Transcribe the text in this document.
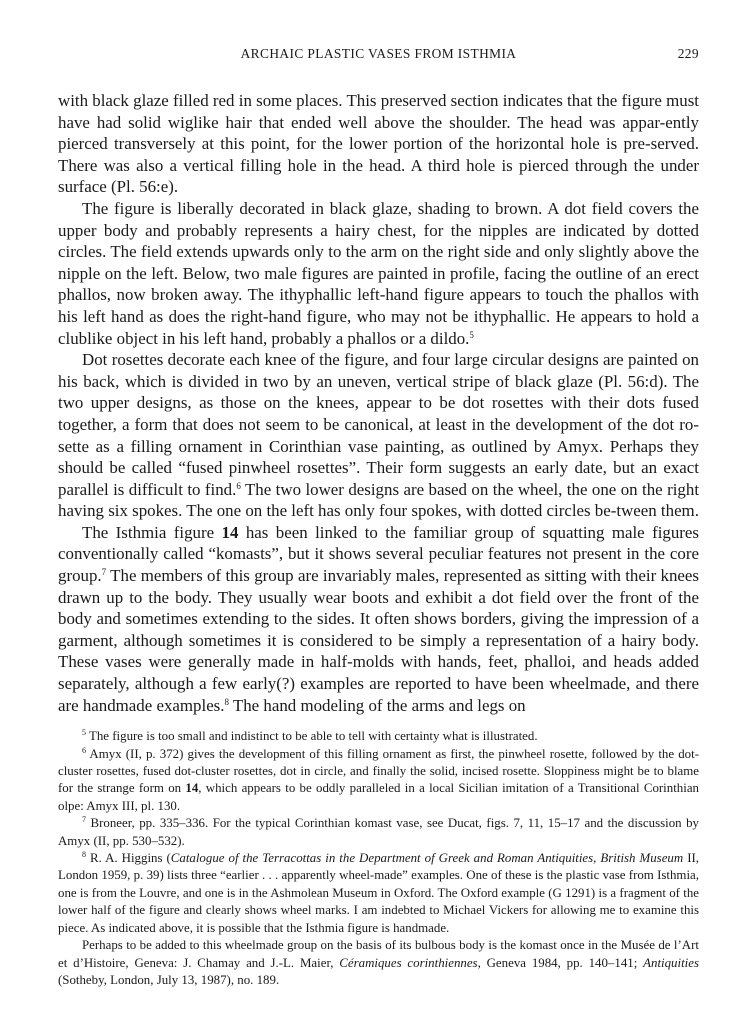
ARCHAIC PLASTIC VASES FROM ISTHMIA	229

with black glaze filled red in some places. This preserved section indicates that the figure must have had solid wiglike hair that ended well above the shoulder. The head was appar-ently pierced transversely at this point, for the lower portion of the horizontal hole is pre-served. There was also a vertical filling hole in the head. A third hole is pierced through the under surface (Pl. 56:e).

The figure is liberally decorated in black glaze, shading to brown. A dot field covers the upper body and probably represents a hairy chest, for the nipples are indicated by dotted circles. The field extends upwards only to the arm on the right side and only slightly above the nipple on the left. Below, two male figures are painted in profile, facing the outline of an erect phallos, now broken away. The ithyphallic left-hand figure appears to touch the phallos with his left hand as does the right-hand figure, who may not be ithyphallic. He appears to hold a clublike object in his left hand, probably a phallos or a dildo.$^5$

Dot rosettes decorate each knee of the figure, and four large circular designs are painted on his back, which is divided in two by an uneven, vertical stripe of black glaze (Pl. 56:d). The two upper designs, as those on the knees, appear to be dot rosettes with their dots fused together, a form that does not seem to be canonical, at least in the development of the dot ro-sette as a filling ornament in Corinthian vase painting, as outlined by Amyx. Perhaps they should be called “fused pinwheel rosettes”. Their form suggests an early date, but an exact parallel is difficult to find.$^6$ The two lower designs are based on the wheel, the one on the right having six spokes. The one on the left has only four spokes, with dotted circles be-tween them.

The Isthmia figure 14 has been linked to the familiar group of squatting male figures conventionally called “komasts”, but it shows several peculiar features not present in the core group.$^7$ The members of this group are invariably males, represented as sitting with their knees drawn up to the body. They usually wear boots and exhibit a dot field over the front of the body and sometimes extending to the sides. It often shows borders, giving the impression of a garment, although sometimes it is considered to be simply a representation of a hairy body. These vases were generally made in half-molds with hands, feet, phalloi, and heads added separately, although a few early(?) examples are reported to have been wheelmade, and there are handmade examples.$^8$ The hand modeling of the arms and legs on

$^5$ The figure is too small and indistinct to be able to tell with certainty what is illustrated.

$^6$ Amyx (II, p. 372) gives the development of this filling ornament as first, the pinwheel rosette, followed by the dot-cluster rosettes, fused dot-cluster rosettes, dot in circle, and finally the solid, incised rosette. Sloppiness might be to blame for the strange form on 14, which appears to be oddly paralleled in a local Sicilian imitation of a Transitional Corinthian olpe: Amyx III, pl. 130.

$^7$ Broneer, pp. 335–336. For the typical Corinthian komast vase, see Ducat, figs. 7, 11, 15–17 and the discussion by Amyx (II, pp. 530–532).

$^8$ R. A. Higgins (Catalogue of the Terracottas in the Department of Greek and Roman Antiquities, British Museum II, London 1959, p. 39) lists three “earlier . . . apparently wheel-made” examples. One of these is the plastic vase from Isthmia, one is from the Louvre, and one is in the Ashmolean Museum in Oxford. The Oxford example (G 1291) is a fragment of the lower half of the figure and clearly shows wheel marks. I am indebted to Michael Vickers for allowing me to examine this piece. As indicated above, it is possible that the Isthmia figure is handmade.

Perhaps to be added to this wheelmade group on the basis of its bulbous body is the komast once in the Musée de l’Art et d’Histoire, Geneva: J. Chamay and J.-L. Maier, Céramiques corinthiennes, Geneva 1984, pp. 140–141; Antiquities (Sotheby, London, July 13, 1987), no. 189.
